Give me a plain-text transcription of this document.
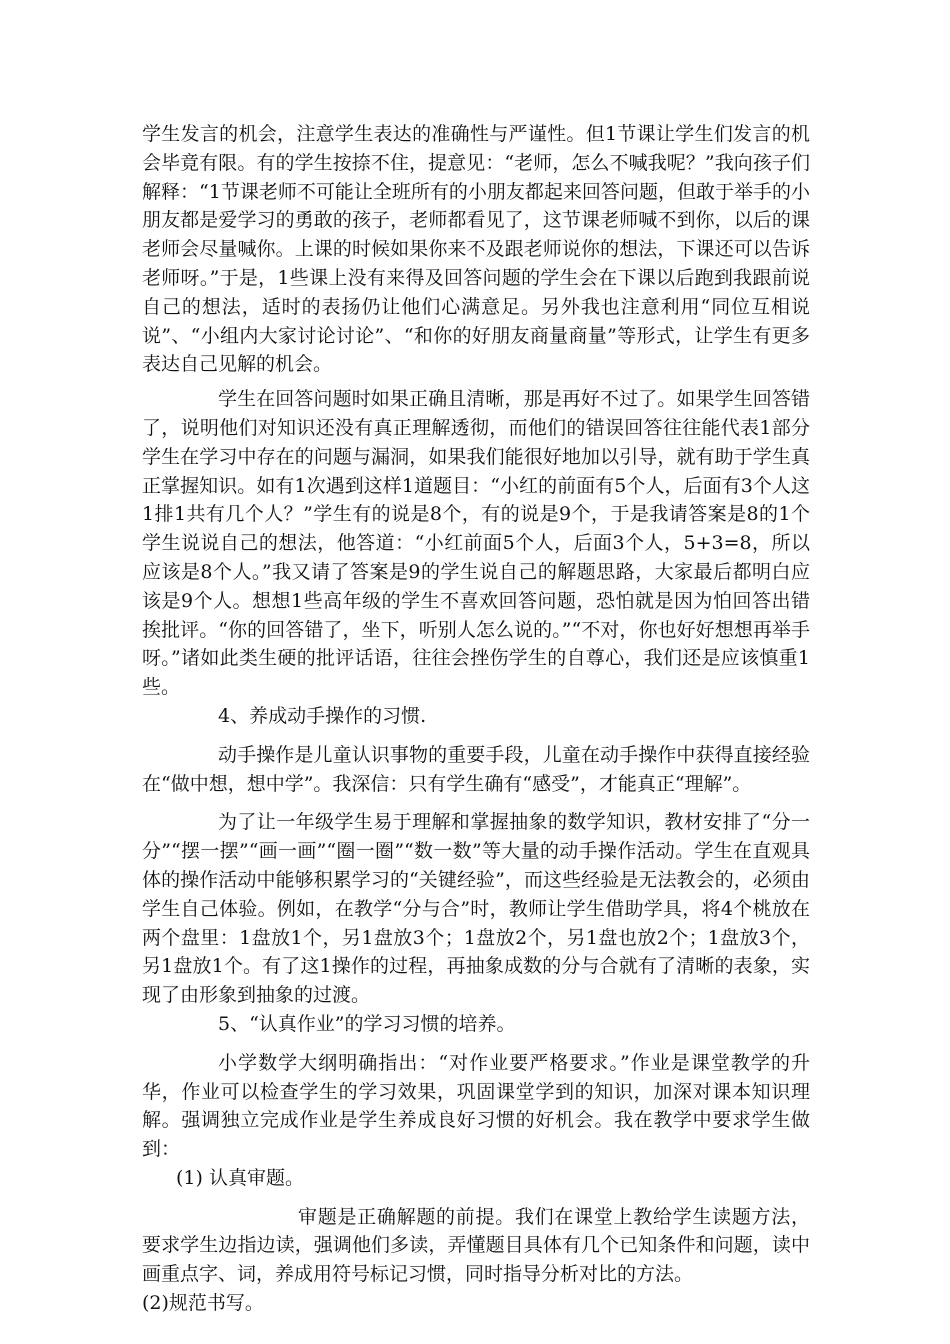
学生发言的机会，注意学生表达的准确性与严谨性。但1节课让学生们发言的机会毕竟有限。有的学生按捺不住，提意见：“老师，怎么不喊我呢？”我向孩子们解释：“1节课老师不可能让全班所有的小朋友都起来回答问题，但敢于举手的小朋友都是爱学习的勇敢的孩子，老师都看见了，这节课老师喊不到你，以后的课老师会尽量喊你。上课的时候如果你来不及跟老师说你的想法，下课还可以告诉老师呀。”于是，1些课上没有来得及回答问题的学生会在下课以后跑到我跟前说自己的想法，适时的表扬仍让他们心满意足。另外我也注意利用“同位互相说说”、“小组内大家讨论讨论”、“和你的好朋友商量商量”等形式，让学生有更多表达自己见解的机会。

学生在回答问题时如果正确且清晰，那是再好不过了。如果学生回答错了，说明他们对知识还没有真正理解透彻，而他们的错误回答往往能代表1部分学生在学习中存在的问题与漏洞，如果我们能很好地加以引导，就有助于学生真正掌握知识。如有1次遇到这样1道题目：“小红的前面有5个人，后面有3个人这1排1共有几个人？”学生有的说是8个，有的说是9个，于是我请答案是8的1个学生说说自己的想法，他答道：“小红前面5个人，后面3个人，5+3=8，所以应该是8个人。”我又请了答案是9的学生说自己的解题思路，大家最后都明白应该是9个人。想想1些高年级的学生不喜欢回答问题，恐怕就是因为怕回答出错挨批评。“你的回答错了，坐下，听别人怎么说的。”“不对，你也好好想想再举手呀。”诸如此类生硬的批评话语，往往会挫伤学生的自尊心，我们还是应该慎重1些。

4、养成动手操作的习惯.

动手操作是儿童认识事物的重要手段，儿童在动手操作中获得直接经验在“做中想，想中学”。我深信：只有学生确有“感受”，才能真正“理解”。

为了让一年级学生易于理解和掌握抽象的数学知识，教材安排了“分一分”“摆一摆”“画一画”“圈一圈”“数一数”等大量的动手操作活动。学生在直观具体的操作活动中能够积累学习的“关键经验”，而这些经验是无法教会的，必须由学生自己体验。例如，在教学“分与合”时，教师让学生借助学具，将4个桃放在两个盘里：1盘放1个，另1盘放3个；1盘放2个，另1盘也放2个；1盘放3个，另1盘放1个。有了这1操作的过程，再抽象成数的分与合就有了清晰的表象，实现了由形象到抽象的过渡。

5、“认真作业”的学习习惯的培养。

小学数学大纲明确指出：“对作业要严格要求。”作业是课堂教学的升华，作业可以检查学生的学习效果，巩固课堂学到的知识，加深对课本知识理解。强调独立完成作业是学生养成良好习惯的好机会。我在教学中要求学生做到：

(1) 认真审题。

审题是正确解题的前提。我们在课堂上教给学生读题方法，要求学生边指边读，强调他们多读，弄懂题目具体有几个已知条件和问题，读中画重点字、词，养成用符号标记习惯，同时指导分析对比的方法。

(2)规范书写。
